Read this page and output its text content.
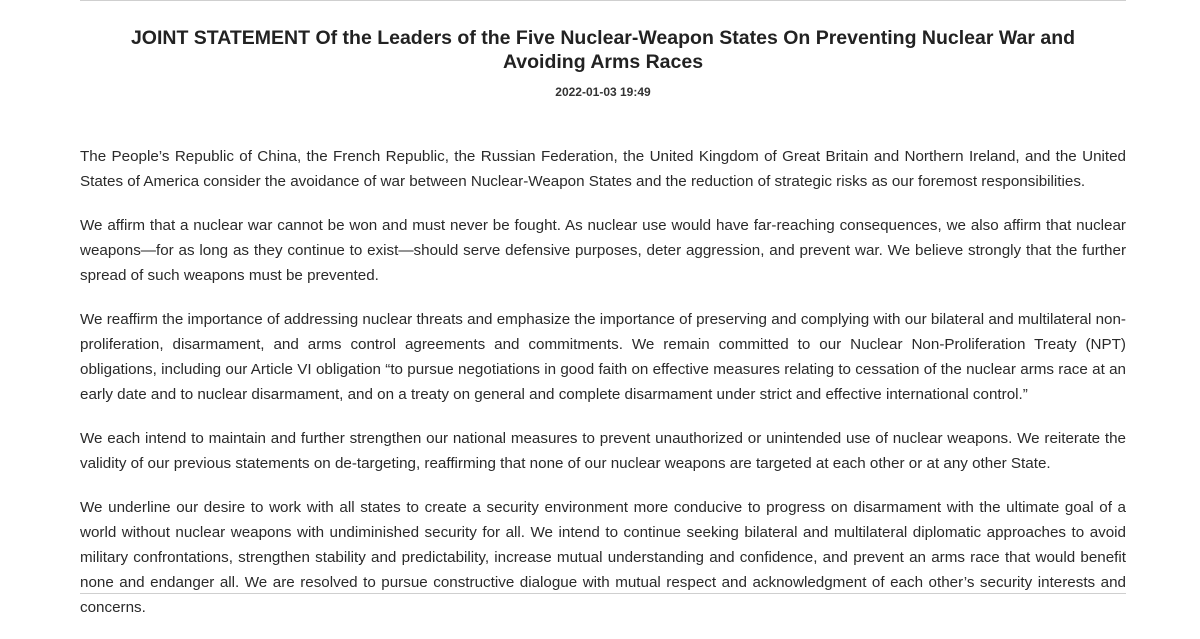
JOINT STATEMENT Of the Leaders of the Five Nuclear-Weapon States On Preventing Nuclear War and Avoiding Arms Races
2022-01-03 19:49

The People’s Republic of China, the French Republic, the Russian Federation, the United Kingdom of Great Britain and Northern Ireland, and the United States of America consider the avoidance of war between Nuclear-Weapon States and the reduction of strategic risks as our foremost responsibilities.

We affirm that a nuclear war cannot be won and must never be fought. As nuclear use would have far-reaching consequences, we also affirm that nuclear weapons—for as long as they continue to exist—should serve defensive purposes, deter aggression, and prevent war. We believe strongly that the further spread of such weapons must be prevented.

We reaffirm the importance of addressing nuclear threats and emphasize the importance of preserving and complying with our bilateral and multilateral non-proliferation, disarmament, and arms control agreements and commitments. We remain committed to our Nuclear Non-Proliferation Treaty (NPT) obligations, including our Article VI obligation “to pursue negotiations in good faith on effective measures relating to cessation of the nuclear arms race at an early date and to nuclear disarmament, and on a treaty on general and complete disarmament under strict and effective international control.”

We each intend to maintain and further strengthen our national measures to prevent unauthorized or unintended use of nuclear weapons. We reiterate the validity of our previous statements on de-targeting, reaffirming that none of our nuclear weapons are targeted at each other or at any other State.

We underline our desire to work with all states to create a security environment more conducive to progress on disarmament with the ultimate goal of a world without nuclear weapons with undiminished security for all. We intend to continue seeking bilateral and multilateral diplomatic approaches to avoid military confrontations, strengthen stability and predictability, increase mutual understanding and confidence, and prevent an arms race that would benefit none and endanger all. We are resolved to pursue constructive dialogue with mutual respect and acknowledgment of each other’s security interests and concerns.
